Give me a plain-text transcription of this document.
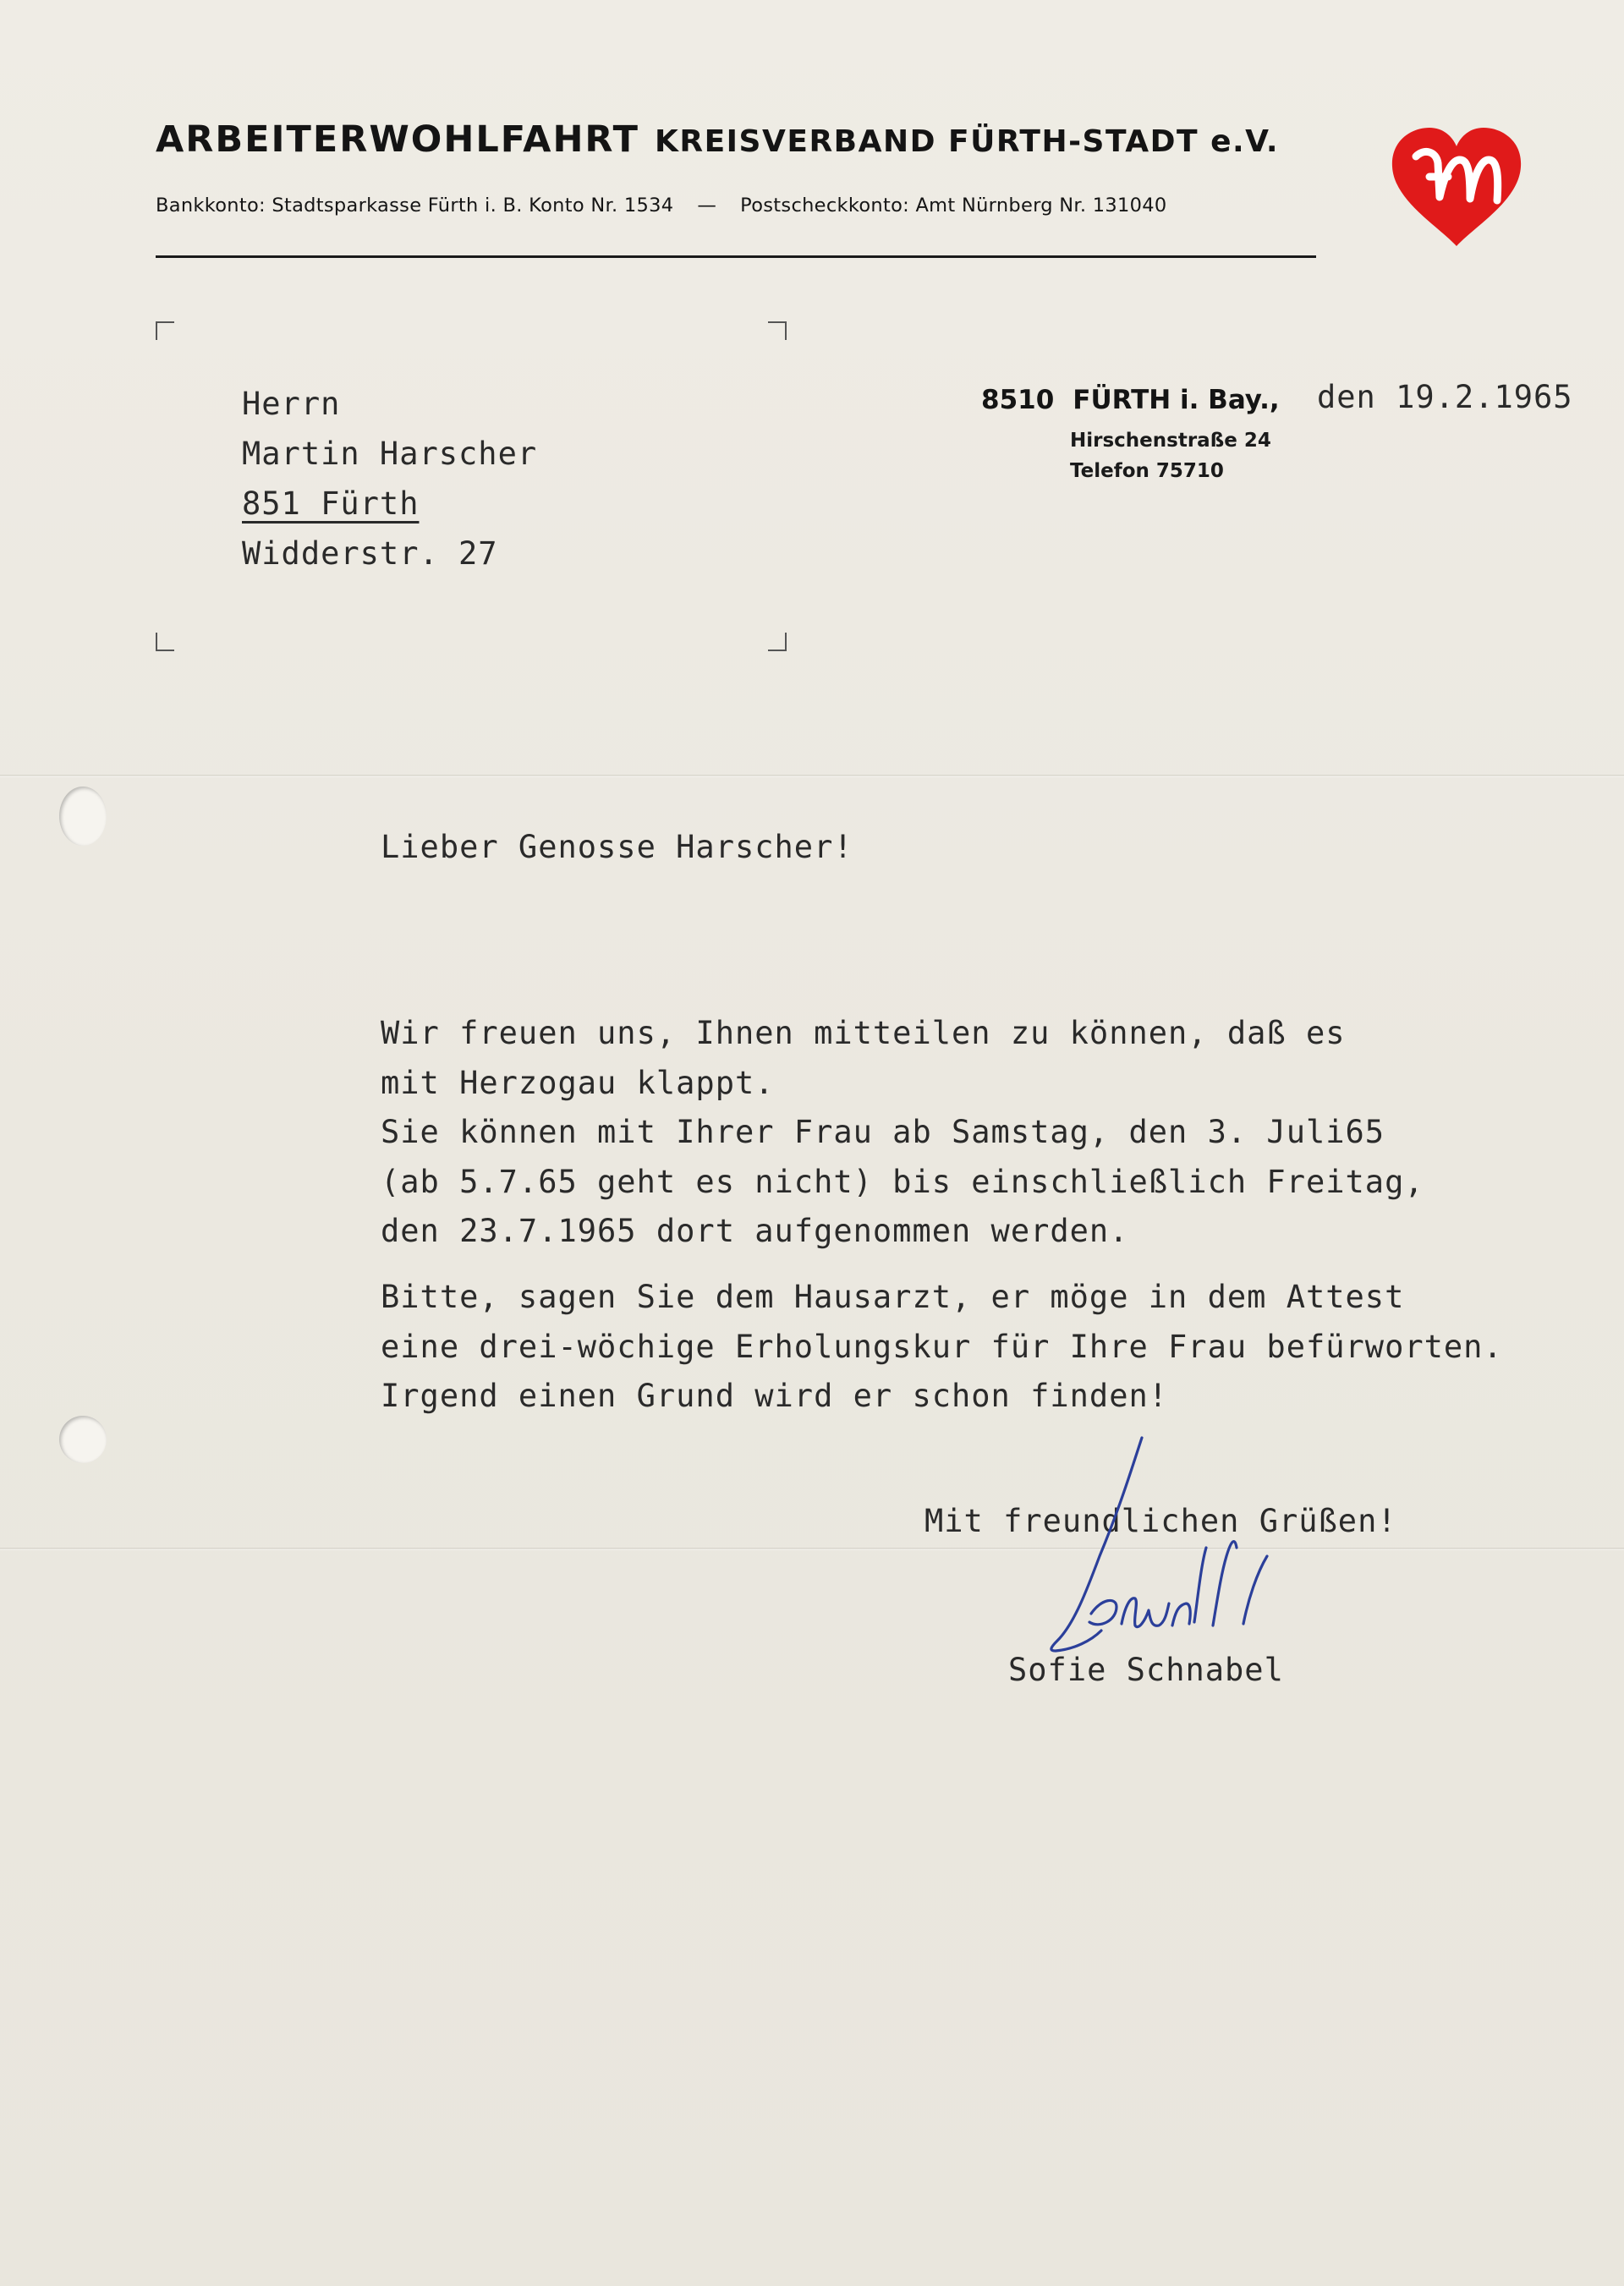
ARBEITERWOHLFAHRT KREISVERBAND FÜRTH-STADT e.V.
Bankkonto: Stadtsparkasse Fürth i. B. Konto Nr. 1534 — Postscheckkonto: Amt Nürnberg Nr. 131040
Herrn
Martin Harscher
851 Fürth
Widderstr. 27
8510 FÜRTH i. Bay., den 19.2.1965
Hirschenstraße 24
Telefon 75710
Lieber Genosse Harscher!
Wir freuen uns, Ihnen mitteilen zu können, daß es
mit Herzogau klappt.
Sie können mit Ihrer Frau ab Samstag, den 3. Juli65
(ab 5.7.65 geht es nicht) bis einschließlich Freitag,
den 23.7.1965 dort aufgenommen werden.
Bitte, sagen Sie dem Hausarzt, er möge in dem Attest
eine drei-wöchige Erholungskur für Ihre Frau befürworten.
Irgend einen Grund wird er schon finden!
Mit freundlichen Grüßen!
Sofie Schnabel
